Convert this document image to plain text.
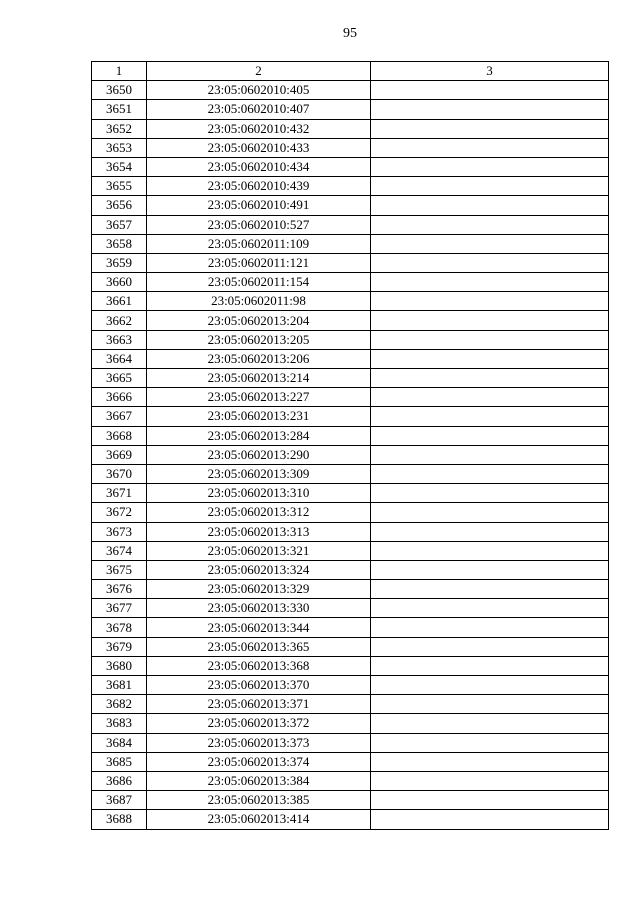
95
1	2	3
3650	23:05:0602010:405	
3651	23:05:0602010:407	
3652	23:05:0602010:432	
3653	23:05:0602010:433	
3654	23:05:0602010:434	
3655	23:05:0602010:439	
3656	23:05:0602010:491	
3657	23:05:0602010:527	
3658	23:05:0602011:109	
3659	23:05:0602011:121	
3660	23:05:0602011:154	
3661	23:05:0602011:98	
3662	23:05:0602013:204	
3663	23:05:0602013:205	
3664	23:05:0602013:206	
3665	23:05:0602013:214	
3666	23:05:0602013:227	
3667	23:05:0602013:231	
3668	23:05:0602013:284	
3669	23:05:0602013:290	
3670	23:05:0602013:309	
3671	23:05:0602013:310	
3672	23:05:0602013:312	
3673	23:05:0602013:313	
3674	23:05:0602013:321	
3675	23:05:0602013:324	
3676	23:05:0602013:329	
3677	23:05:0602013:330	
3678	23:05:0602013:344	
3679	23:05:0602013:365	
3680	23:05:0602013:368	
3681	23:05:0602013:370	
3682	23:05:0602013:371	
3683	23:05:0602013:372	
3684	23:05:0602013:373	
3685	23:05:0602013:374	
3686	23:05:0602013:384	
3687	23:05:0602013:385	
3688	23:05:0602013:414	
